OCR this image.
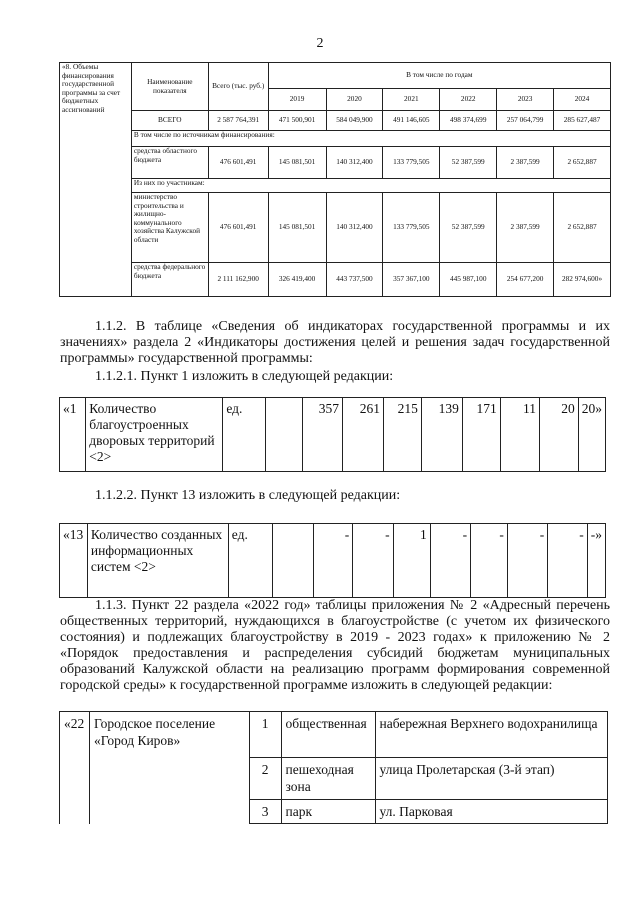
2
«8. Объемы финансирования государственной программы за счет бюджетных ассигнований	Наименование показателя	Всего (тыс. руб.)	В том числе по годам					
			2019	2020	2021	2022	2023	2024
	ВСЕГО	2 587 764,391	471 500,901	584 049,900	491 146,605	498 374,699	257 064,799	285 627,487
	В том числе по источникам финансирования:							
	средства областного бюджета	476 601,491	145 081,501	140 312,400	133 779,505	52 387,599	2 387,599	2 652,887
	Из них по участникам:							
	министерство строительства и жилищно-коммунального хозяйства Калужской области	476 601,491	145 081,501	140 312,400	133 779,505	52 387,599	2 387,599	2 652,887
	средства федерального бюджета	2 111 162,900	326 419,400	443 737,500	357 367,100	445 987,100	254 677,200	282 974,600»
1.1.2. В таблице «Сведения об индикаторах государственной программы и их значениях» раздела 2 «Индикаторы достижения целей и решения задач государственной программы» государственной программы:
1.1.2.1. Пункт 1 изложить в следующей редакции:
«1	Количество благоустроенных дворовых территорий <2>	ед.		357	261	215	139	171	11	20	20»
1.1.2.2. Пункт 13 изложить в следующей редакции:
«13	Количество созданных информационных систем <2>	ед.		-	-	1	-	-	-	-	-»
1.1.3. Пункт 22 раздела «2022 год» таблицы приложения № 2 «Адресный перечень общественных территорий, нуждающихся в благоустройстве (с учетом их физического состояния) и подлежащих благоустройству в 2019 - 2023 годах» к приложению № 2 «Порядок предоставления и распределения субсидий бюджетам муниципальных образований Калужской области на реализацию программ формирования современной городской среды» к государственной программе изложить в следующей редакции:
«22	Городское поселение «Город Киров»	1	общественная	набережная Верхнего водохранилища
		2	пешеходная зона	улица Пролетарская (3-й этап)
		3	парк	ул. Парковая
